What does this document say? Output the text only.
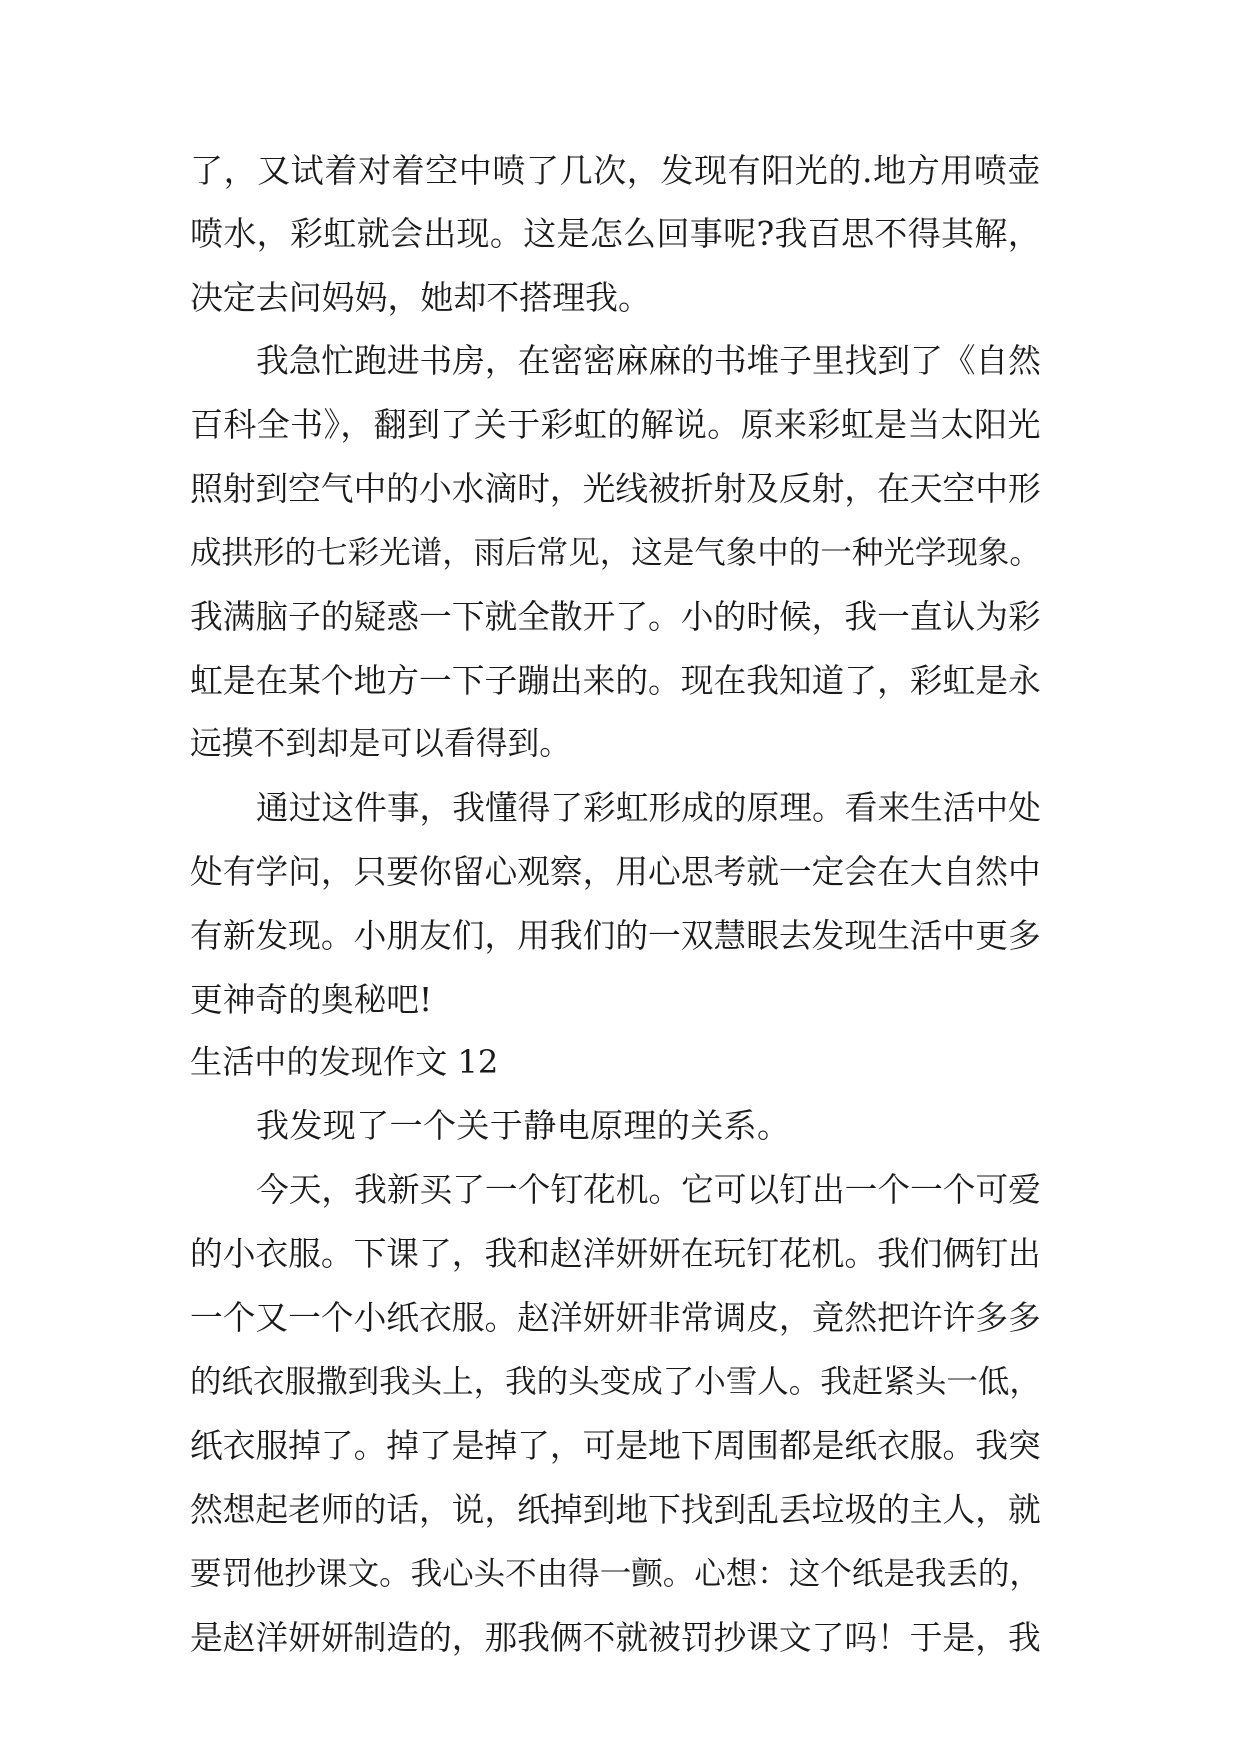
了，又试着对着空中喷了几次，发现有阳光的.地方用喷壶
喷水，彩虹就会出现。这是怎么回事呢?我百思不得其解，
决定去问妈妈，她却不搭理我。
我急忙跑进书房，在密密麻麻的书堆子里找到了《自然
百科全书》，翻到了关于彩虹的解说。原来彩虹是当太阳光
照射到空气中的小水滴时，光线被折射及反射，在天空中形
成拱形的七彩光谱，雨后常见，这是气象中的一种光学现象。
我满脑子的疑惑一下就全散开了。小的时候，我一直认为彩
虹是在某个地方一下子蹦出来的。现在我知道了，彩虹是永
远摸不到却是可以看得到。
通过这件事，我懂得了彩虹形成的原理。看来生活中处
处有学问，只要你留心观察，用心思考就一定会在大自然中
有新发现。小朋友们，用我们的一双慧眼去发现生活中更多
更神奇的奥秘吧!
生活中的发现作文 12
我发现了一个关于静电原理的关系。
今天，我新买了一个钉花机。它可以钉出一个一个可爱
的小衣服。下课了，我和赵洋妍妍在玩钉花机。我们俩钉出
一个又一个小纸衣服。赵洋妍妍非常调皮，竟然把许许多多
的纸衣服撒到我头上，我的头变成了小雪人。我赶紧头一低，
纸衣服掉了。掉了是掉了，可是地下周围都是纸衣服。我突
然想起老师的话，说，纸掉到地下找到乱丢垃圾的主人，就
要罚他抄课文。我心头不由得一颤。心想：这个纸是我丢的，
是赵洋妍妍制造的，那我俩不就被罚抄课文了吗！于是，我
